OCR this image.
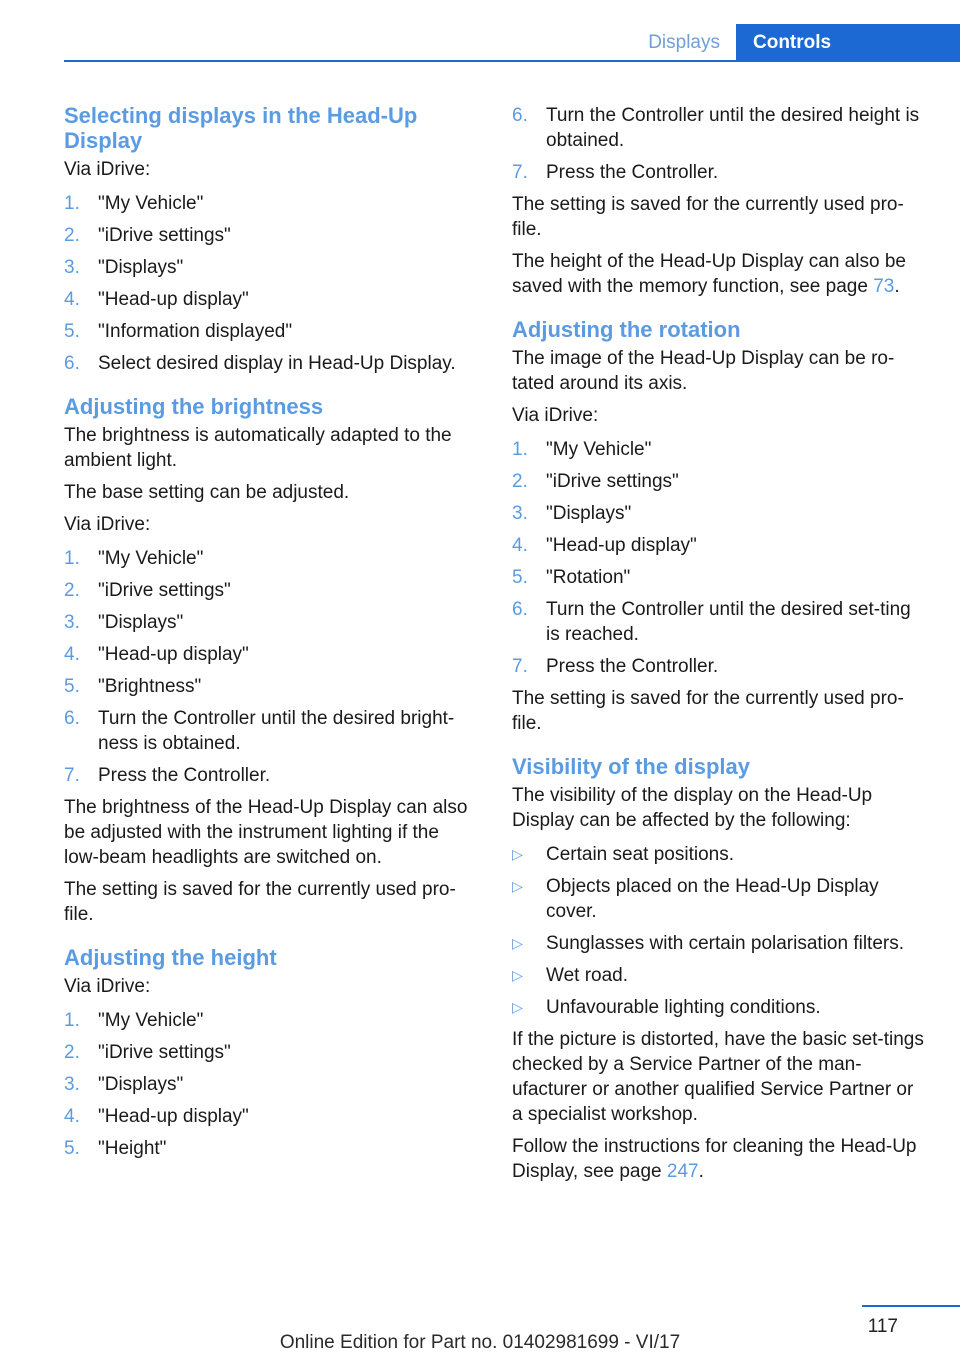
Displays	Controls
Selecting displays in the Head-Up Display

Via iDrive:

1. "My Vehicle"
2. "iDrive settings"
3. "Displays"
4. "Head-up display"
5. "Information displayed"
6. Select desired display in Head-Up Display.
Adjusting the brightness

The brightness is automatically adapted to the ambient light.

The base setting can be adjusted.

Via iDrive:

1. "My Vehicle"
2. "iDrive settings"
3. "Displays"
4. "Head-up display"
5. "Brightness"
6. Turn the Controller until the desired bright‐ness is obtained.
7. Press the Controller.

The brightness of the Head-Up Display can also be adjusted with the instrument lighting if the low-beam headlights are switched on.

The setting is saved for the currently used pro‐file.

Adjusting the height

Via iDrive:

1. "My Vehicle"
2. "iDrive settings"
3. "Displays"
4. "Head-up display"
5. "Height"
6. Turn the Controller until the desired height is obtained.
7. Press the Controller.

The setting is saved for the currently used pro‐file.

The height of the Head-Up Display can also be saved with the memory function, see page 73.

Adjusting the rotation

The image of the Head-Up Display can be ro‐tated around its axis.

Via iDrive:

1. "My Vehicle"
2. "iDrive settings"
3. "Displays"
4. "Head-up display"
5. "Rotation"
6. Turn the Controller until the desired set‐ting is reached.
7. Press the Controller.

The setting is saved for the currently used pro‐file.

Visibility of the display

The visibility of the display on the Head-Up Display can be affected by the following:

▷ Certain seat positions.
▷ Objects placed on the Head-Up Display cover.
▷ Sunglasses with certain polarisation filters.
▷ Wet road.
▷ Unfavourable lighting conditions.

If the picture is distorted, have the basic set‐tings checked by a Service Partner of the man‐ufacturer or another qualified Service Partner or a specialist workshop.

Follow the instructions for cleaning the Head-Up Display, see page 247.

117
Online Edition for Part no. 01402981699 - VI/17
